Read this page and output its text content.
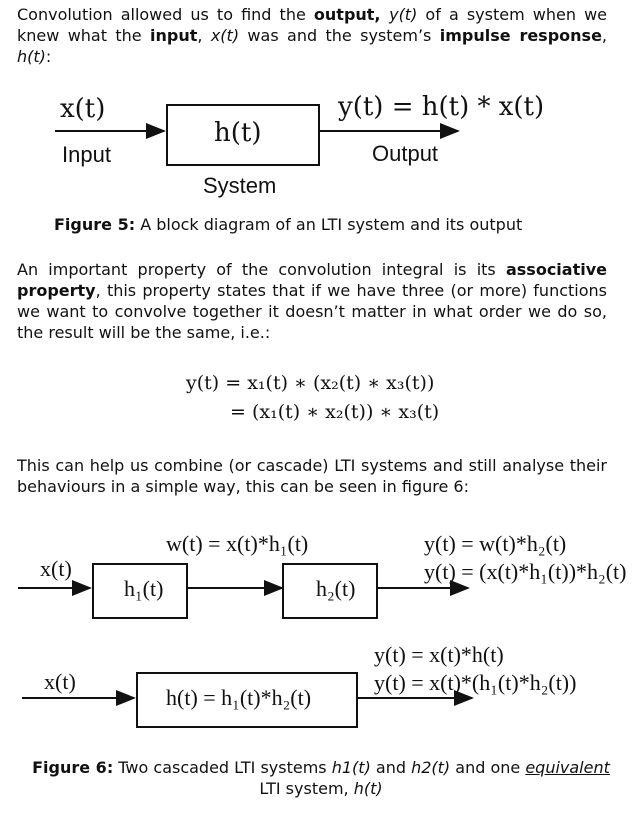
Convolution allowed us to find the output, y(t) of a system when we knew what the input, x(t) was and the system’s impulse response, h(t):

x(t)
Input
h(t)
System
y(t) = h(t) * x(t)
Output

Figure 5: A block diagram of an LTI system and its output

An important property of the convolution integral is its associative property, this property states that if we have three (or more) functions we want to convolve together it doesn’t matter in what order we do so, the result will be the same, i.e.:

y(t) = x₁(t) ∗ (x₂(t) ∗ x₃(t))
= (x₁(t) ∗ x₂(t)) ∗ x₃(t)

This can help us combine (or cascade) LTI systems and still analyse their behaviours in a simple way, this can be seen in figure 6:

x(t)
w(t) = x(t)*h₁(t)
h₁(t)	h₂(t)
y(t) = w(t)*h₂(t)
y(t) = (x(t)*h₁(t))*h₂(t)
x(t)
h(t) = h₁(t)*h₂(t)
y(t) = x(t)*h(t)
y(t) = x(t)*(h₁(t)*h₂(t))
Figure 6: Two cascaded LTI systems h1(t) and h2(t) and one equivalent
LTI system, h(t)
